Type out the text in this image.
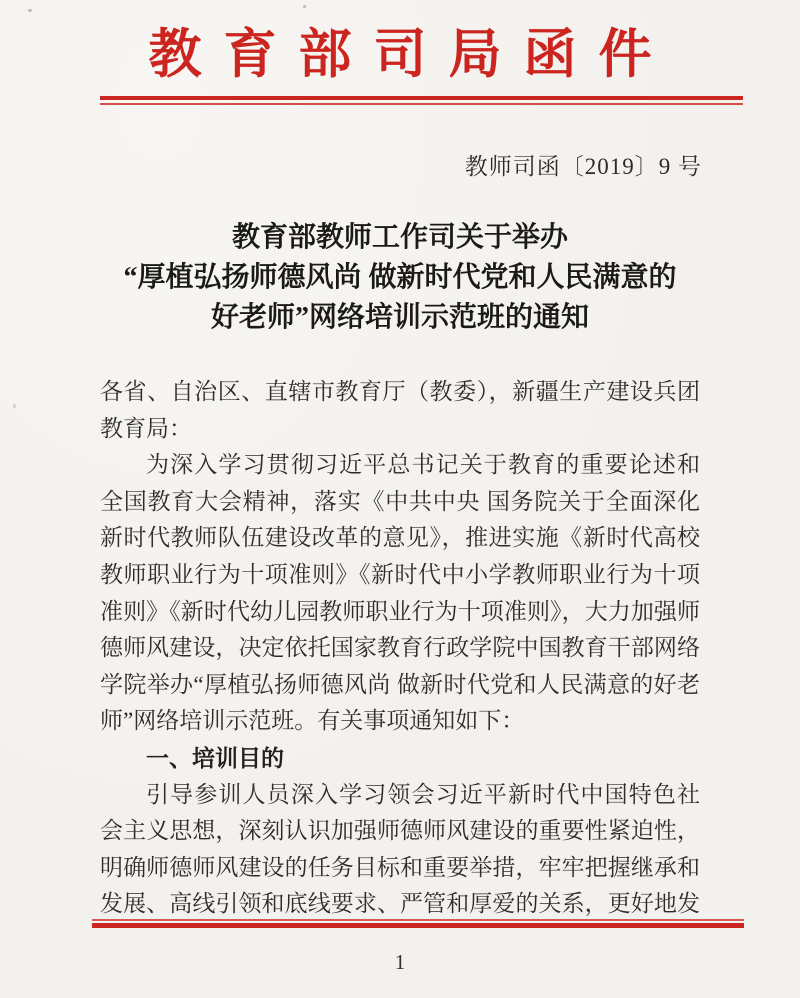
教育部司局函件
教师司函〔2019〕9 号
教育部教师工作司关于举办
“厚植弘扬师德风尚 做新时代党和人民满意的
好老师”网络培训示范班的通知
各省、自治区、直辖市教育厅（教委），新疆生产建设兵团
教育局：
为深入学习贯彻习近平总书记关于教育的重要论述和
全国教育大会精神，落实《中共中央 国务院关于全面深化
新时代教师队伍建设改革的意见》，推进实施《新时代高校
教师职业行为十项准则》《新时代中小学教师职业行为十项
准则》《新时代幼儿园教师职业行为十项准则》，大力加强师
德师风建设，决定依托国家教育行政学院中国教育干部网络
学院举办“厚植弘扬师德风尚 做新时代党和人民满意的好老
师”网络培训示范班。有关事项通知如下：
一、培训目的
引导参训人员深入学习领会习近平新时代中国特色社
会主义思想，深刻认识加强师德师风建设的重要性紧迫性，
明确师德师风建设的任务目标和重要举措，牢牢把握继承和
发展、高线引领和底线要求、严管和厚爱的关系，更好地发
1
